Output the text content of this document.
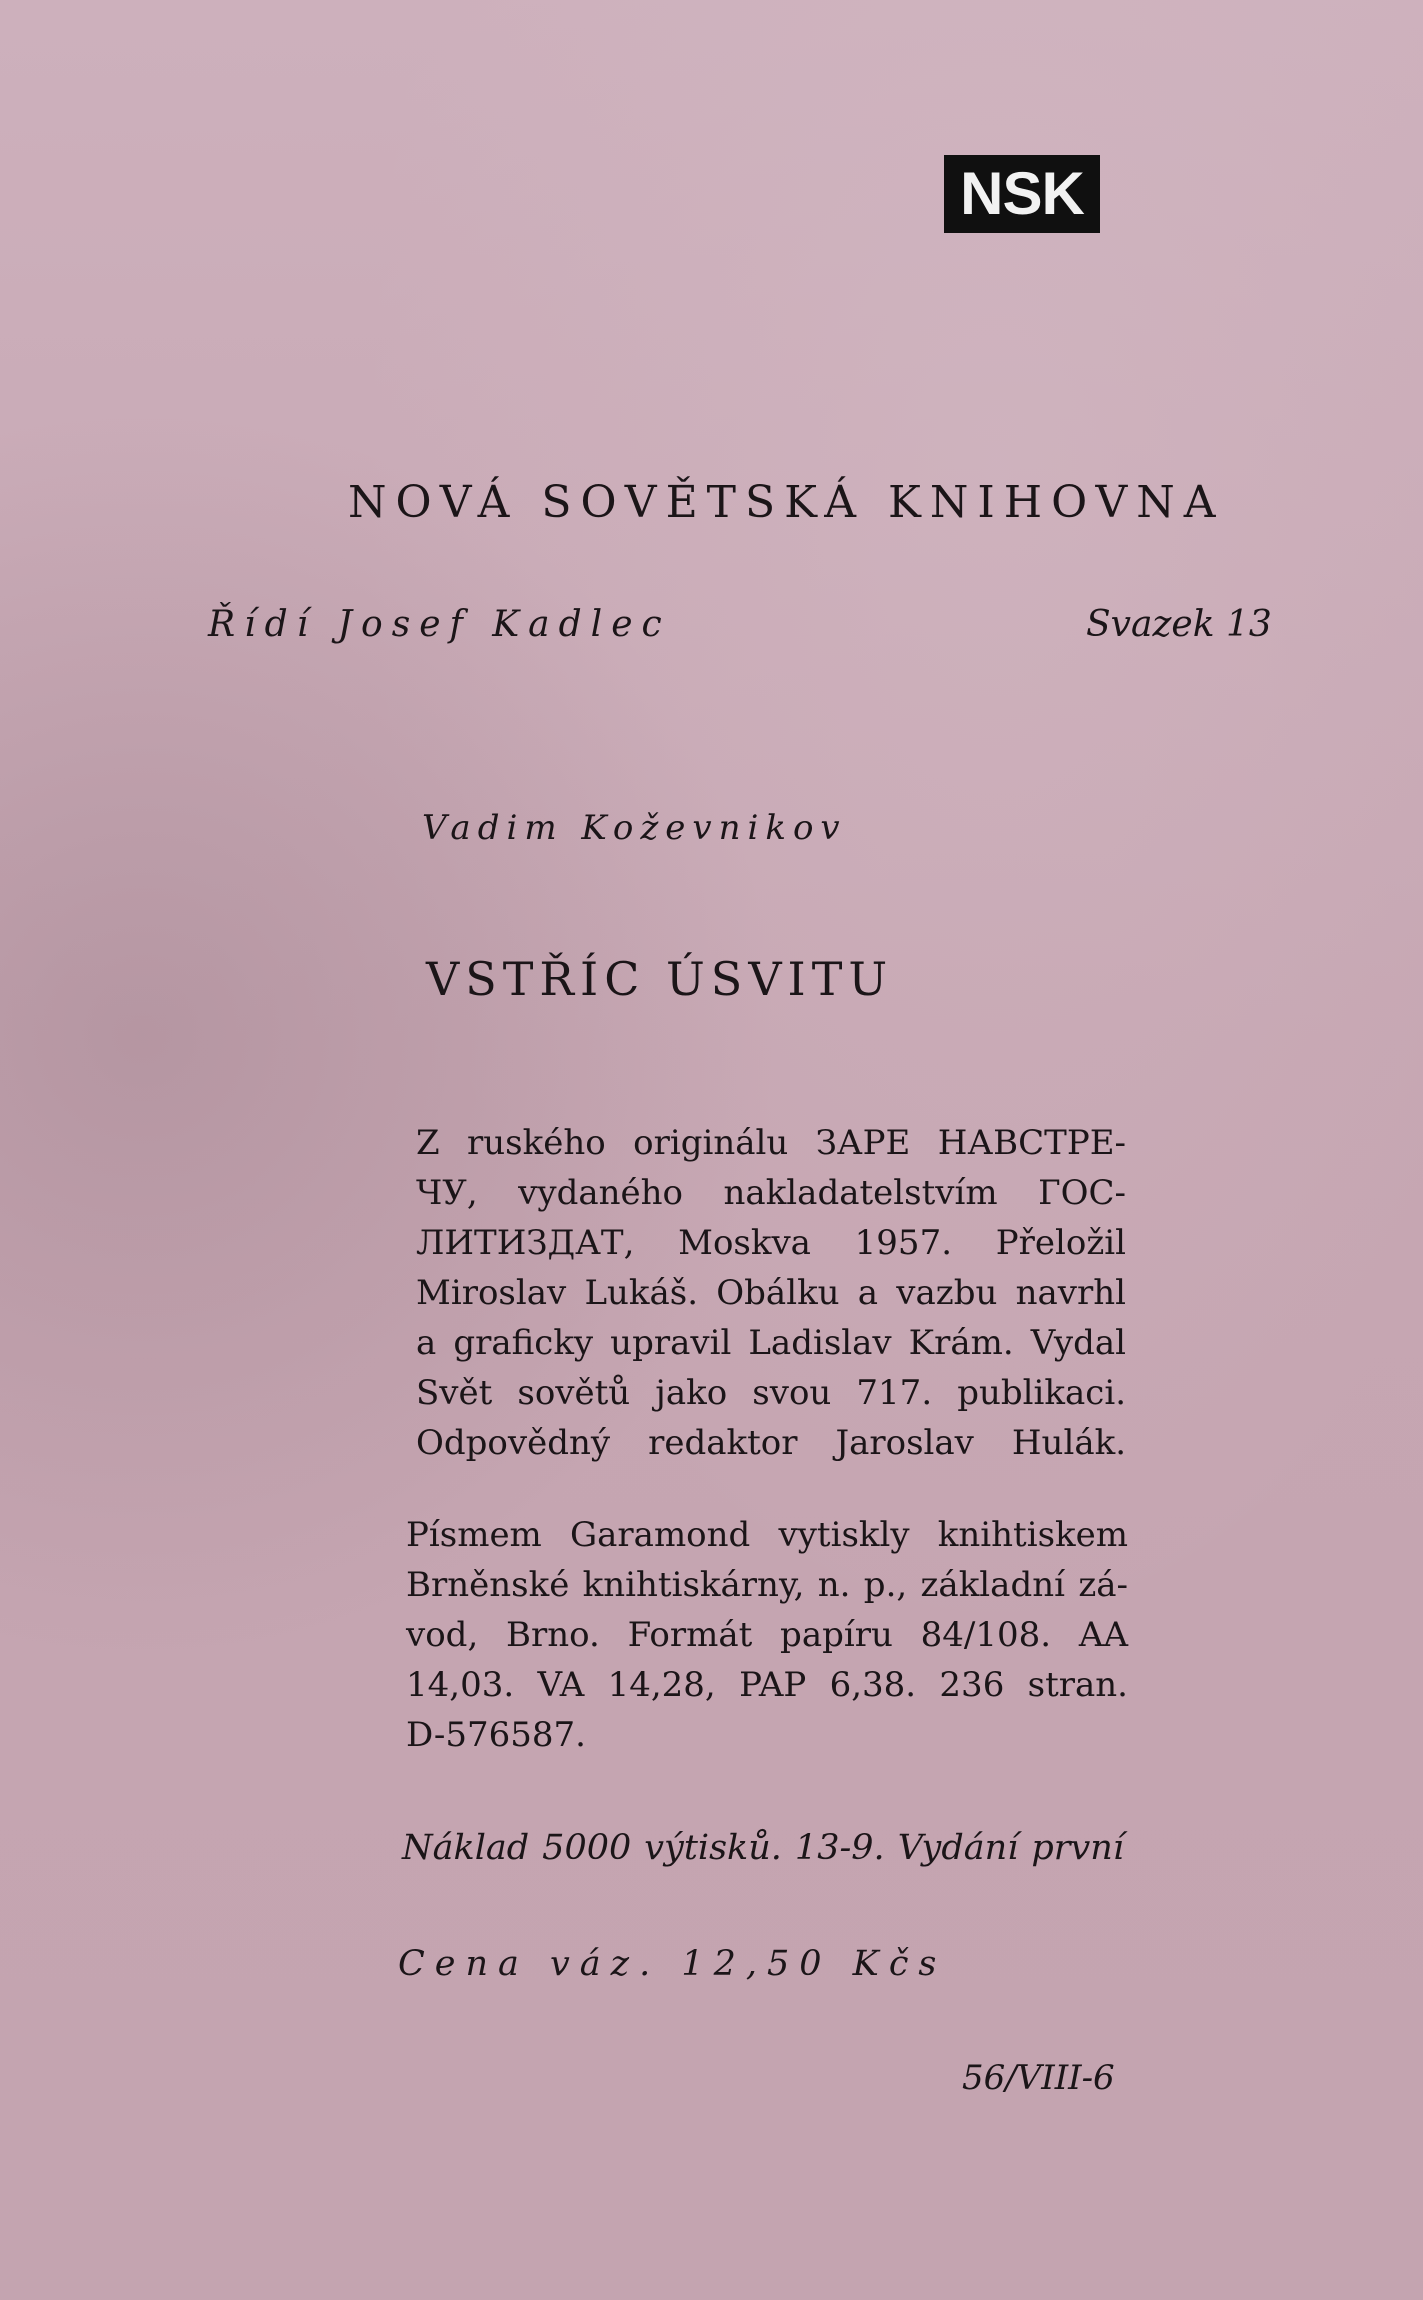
NSK
NOVÁ SOVĚTSKÁ KNIHOVNA
Řídí Josef Kadlec	Svazek 13
Vadim Koževnikov
VSTŘÍC ÚSVITU
Z ruského originálu ЗАРЕ НАВСТРЕ-
ЧУ, vydaného nakladatelstvím ГОС-
ЛИТИЗДАТ, Moskva 1957. Přeložil
Miroslav Lukáš. Obálku a vazbu navrhl
a graficky upravil Ladislav Krám. Vydal
Svět sovětů jako svou 717. publikaci.
Odpovědný redaktor Jaroslav Hulák.
Písmem Garamond vytiskly knihtiskem
Brněnské knihtiskárny, n. p., základní zá-
vod, Brno. Formát papíru 84/108. AA
14,03. VA 14,28, PAP 6,38. 236 stran.
D-576587.
Náklad 5000 výtisků. 13-9. Vydání první
Cena váz. 12,50 Kčs
56/VIII-6
